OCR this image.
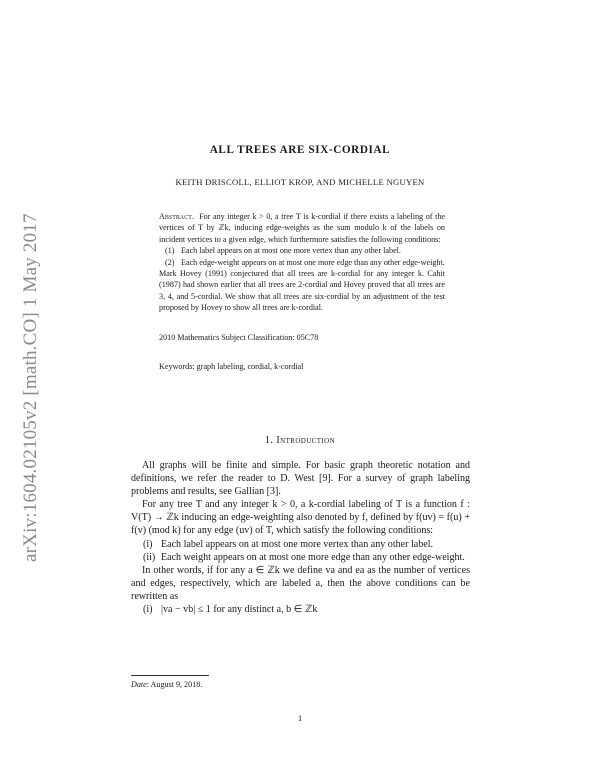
arXiv:1604.02105v2 [math.CO] 1 May 2017
ALL TREES ARE SIX-CORDIAL
KEITH DRISCOLL, ELLIOT KROP, AND MICHELLE NGUYEN

Abstract. For any integer k > 0, a tree T is k-cordial if there exists a labeling of the vertices of T by ℤk, inducing edge-weights as the sum modulo k of the labels on incident vertices to a given edge, which furthermore satisfies the following conditions:

(1) Each label appears on at most one more vertex than any other label.
(2) Each edge-weight appears on at most one more edge than any other edge-weight.

Mark Hovey (1991) conjectured that all trees are k-cordial for any integer k. Cahit (1987) had shown earlier that all trees are 2-cordial and Hovey proved that all trees are 3, 4, and 5-cordial. We show that all trees are six-cordial by an adjustment of the test proposed by Hovey to show all trees are k-cordial.

2010 Mathematics Subject Classification: 05C78
Keywords: graph labeling, cordial, k-cordial
1. Introduction

All graphs will be finite and simple. For basic graph theoretic notation and definitions, we refer the reader to D. West [9]. For a survey of graph labeling problems and results, see Gallian [3].

For any tree T and any integer k > 0, a k-cordial labeling of T is a function f : V(T) → ℤk inducing an edge-weighting also denoted by f, defined by f(uv) = f(u) + f(v) (mod k) for any edge (uv) of T, which satisfy the following conditions:

(i) Each label appears on at most one more vertex than any other label.
(ii) Each weight appears on at most one more edge than any other edge-weight.

In other words, if for any a ∈ ℤk we define va and ea as the number of vertices and edges, respectively, which are labeled a, then the above conditions can be rewritten as

(i) |va − vb| ≤ 1 for any distinct a, b ∈ ℤk
Date: August 9, 2018.
1
